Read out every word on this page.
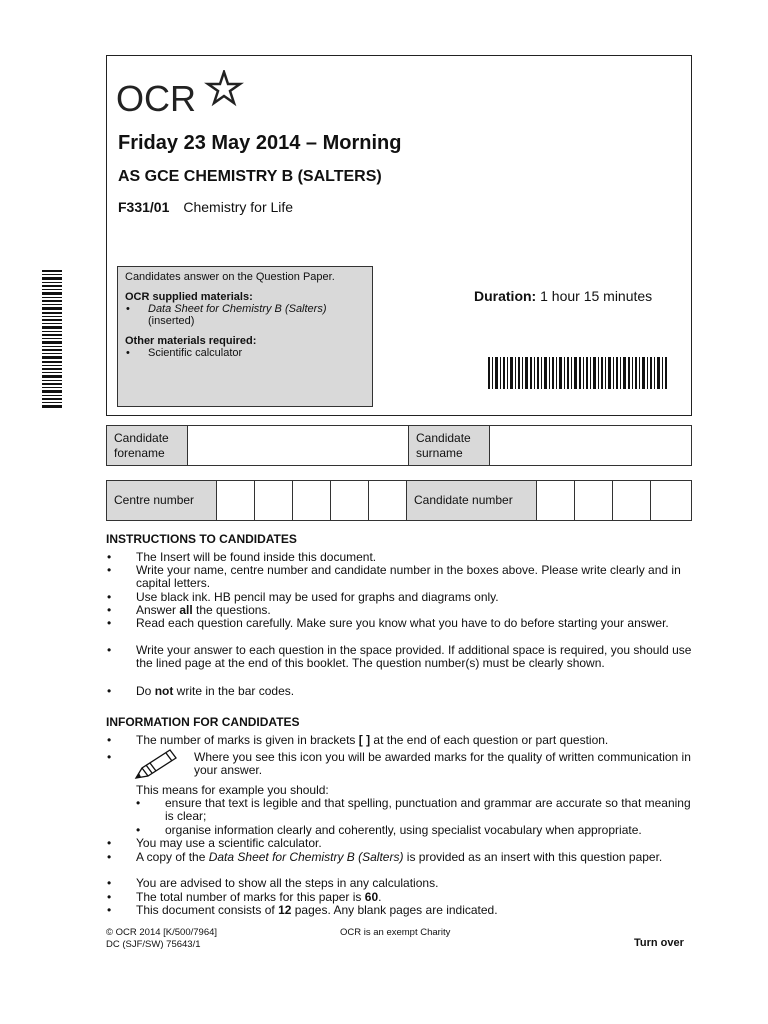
OCR
Friday 23 May 2014 – Morning
AS GCE CHEMISTRY B (SALTERS)
F331/01 Chemistry for Life

Candidates answer on the Question Paper.

OCR supplied materials:

•	Data Sheet for Chemistry B (Salters)

(inserted)

Other materials required:

•	Scientific calculator
Duration: 1 hour 15 minutes
Candidate forename		Candidate surname	
Centre number						Candidate number				
INSTRUCTIONS TO CANDIDATES
•	The Insert will be found inside this document.
•	Write your name, centre number and candidate number in the boxes above. Please write clearly and in capital letters.
•	Use black ink. HB pencil may be used for graphs and diagrams only.
•	Answer all the questions.
•	Read each question carefully. Make sure you know what you have to do before starting your answer.
•	Write your answer to each question in the space provided. If additional space is required, you should use the lined page at the end of this booklet. The question number(s) must be clearly shown.
•	Do not write in the bar codes.
INFORMATION FOR CANDIDATES
•	The number of marks is given in brackets [ ] at the end of each question or part question.
•	Where you see this icon you will be awarded marks for the quality of written communication in your answer.
This means for example you should:
•	ensure that text is legible and that spelling, punctuation and grammar are accurate so that meaning is clear;
•	organise information clearly and coherently, using specialist vocabulary when appropriate.
•	You may use a scientific calculator.
•	A copy of the Data Sheet for Chemistry B (Salters) is provided as an insert with this question paper.
•	You are advised to show all the steps in any calculations.
•	The total number of marks for this paper is 60.
•	This document consists of 12 pages. Any blank pages are indicated.
© OCR 2014 [K/500/7964]
DC (SJF/SW) 75643/1
OCR is an exempt Charity
Turn over
